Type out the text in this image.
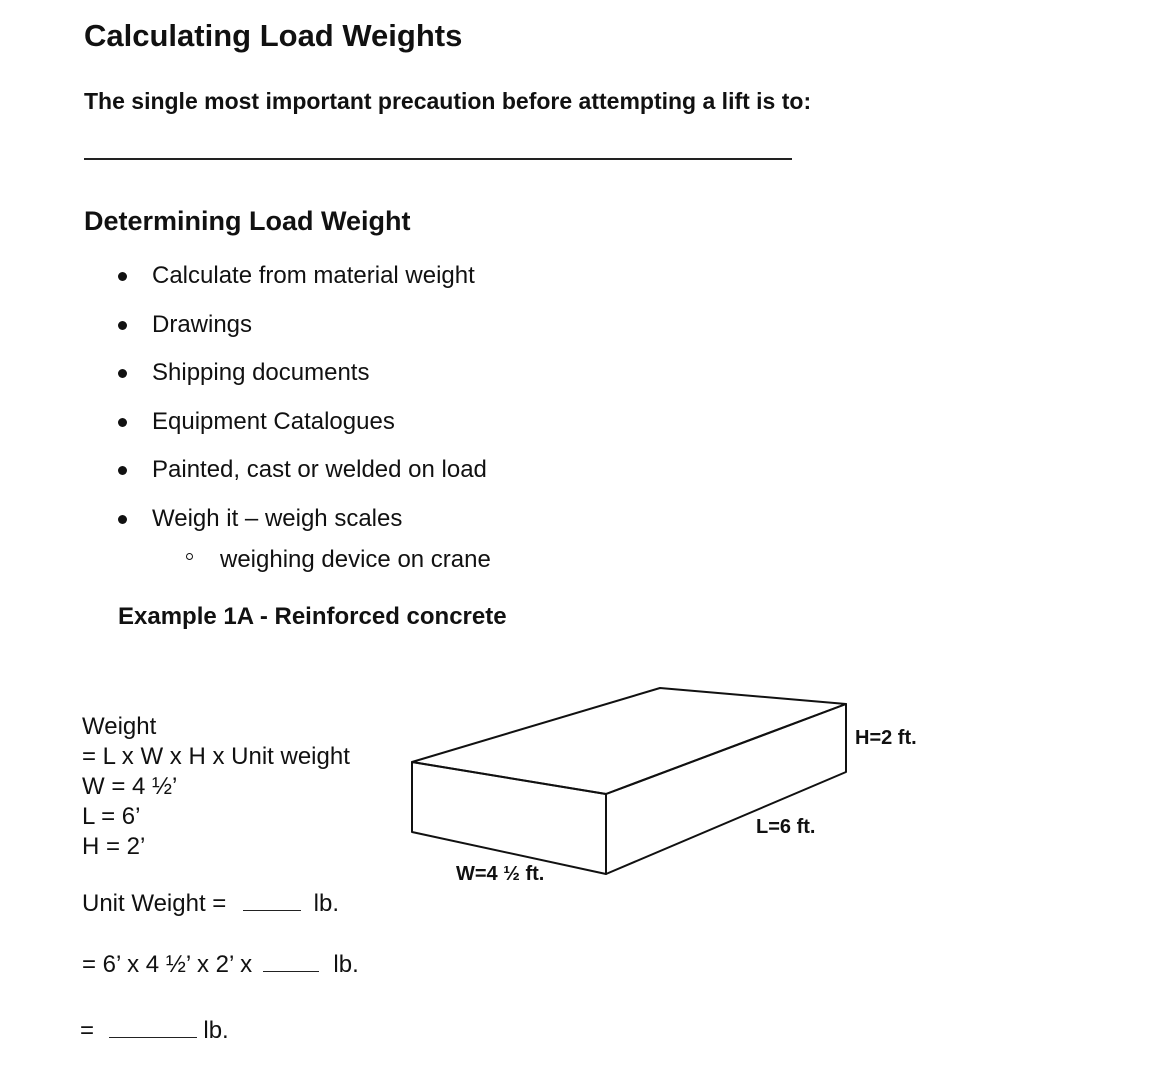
Calculating Load Weights
The single most important precaution before attempting a lift is to:
Determining Load Weight
Calculate from material weight
Drawings
Shipping documents
Equipment Catalogues
Painted, cast or welded on load
Weigh it – weigh scales
weighing device on crane
Example 1A - Reinforced concrete
Weight
= L x W x H x Unit weight
W = 4 ½’
L = 6’
H = 2’
Unit Weight =	lb.
= 6’ x 4 ½’ x 2’ x	lb.
=	lb.
H=2 ft.
L=6 ft.
W=4 ½ ft.
